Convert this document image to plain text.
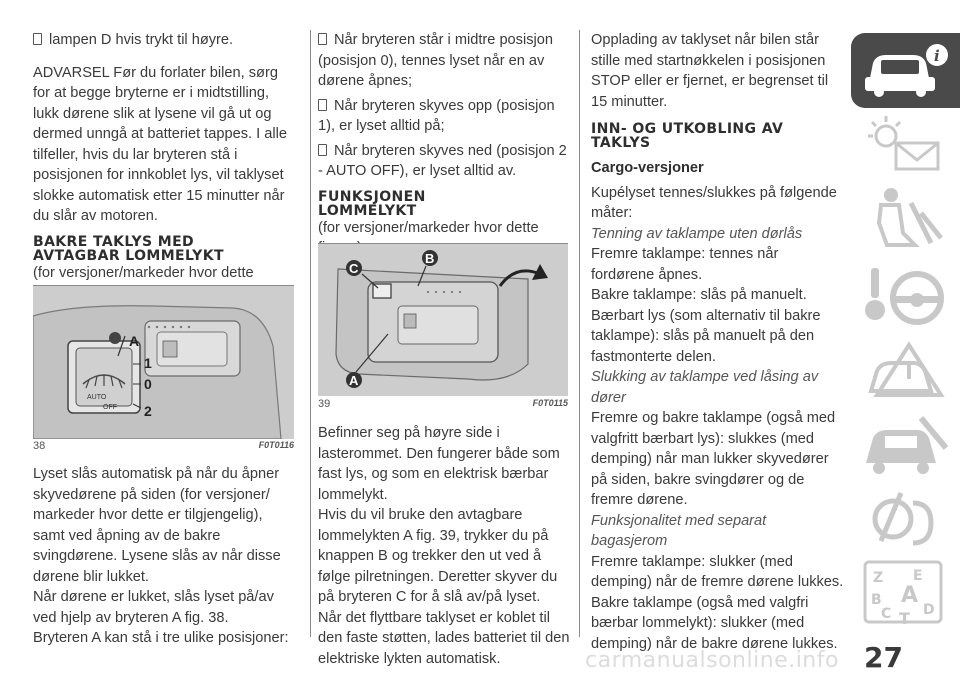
lampen D hvis trykt til høyre.

ADVARSEL Før du forlater bilen, sørg for at begge bryterne er i midtstilling, lukk dørene slik at lysene vil gå ut og dermed unngå at batteriet tappes. I alle tilfeller, hvis du lar bryteren stå i posisjonen for innkoblet lys, vil taklyset slokke automatisk etter 15 minutter når du slår av motoren.

BAKRE TAKLYS MED
AVTAGBAR LOMMELYKT

(for versjoner/markeder hvor dette

A
1
0
2
AUTO
OFF
38	F0T0116

Lyset slås automatisk på når du åpner skyvedørene på siden (for versjoner/ markeder hvor dette er tilgjengelig), samt ved åpning av de bakre svingdørene. Lysene slås av når disse dørene blir lukket.

Når dørene er lukket, slås lyset på/av ved hjelp av bryteren A fig. 38.

Bryteren A kan stå i tre ulike posisjoner:

Når bryteren står i midtre posisjon (posisjon 0), tennes lyset når en av dørene åpnes;

Når bryteren skyves opp (posisjon 1), er lyset alltid på;

Når bryteren skyves ned (posisjon 2 - AUTO OFF), er lyset alltid av.

FUNKSJONEN
LOMMELYKT

(for versjoner/markeder hvor dette

C
B
A
39	F0T0115

Befinner seg på høyre side i lasterommet. Den fungerer både som fast lys, og som en elektrisk bærbar lommelykt.

Hvis du vil bruke den avtagbare lommelykten A fig. 39, trykker du på knappen B og trekker den ut ved å følge pilretningen. Deretter skyver du på bryteren C for å slå av/på lyset.

Når det flyttbare taklyset er koblet til den faste støtten, lades batteriet til den elektriske lykten automatisk.

Opplading av taklyset når bilen står stille med startnøkkelen i posisjonen STOP eller er fjernet, er begrenset til 15 minutter.

INN- OG UTKOBLING AV
TAKLYS

Cargo-versjoner

Kupélyset tennes/slukkes på følgende måter:

Tenning av taklampe uten dørlås

Fremre taklampe: tennes når fordørene åpnes.

Bakre taklampe: slås på manuelt.

Bærbart lys (som alternativ til bakre taklampe): slås på manuelt på den fastmonterte delen.

Slukking av taklampe ved låsing av dører

Fremre og bakre taklampe (også med valgfritt bærbart lys): slukkes (med demping) når man lukker skyvedører på siden, bakre svingdører og de fremre dørene.

Funksjonalitet med separat bagasjerom

Fremre taklampe: slukker (med demping) når de fremre dørene lukkes.

Bakre taklampe (også med valgfri bærbar lommelykt): slukker (med demping) når de bakre dørene lukkes.

i
Z E
B A
C T D
carmanualsonline.info 27
